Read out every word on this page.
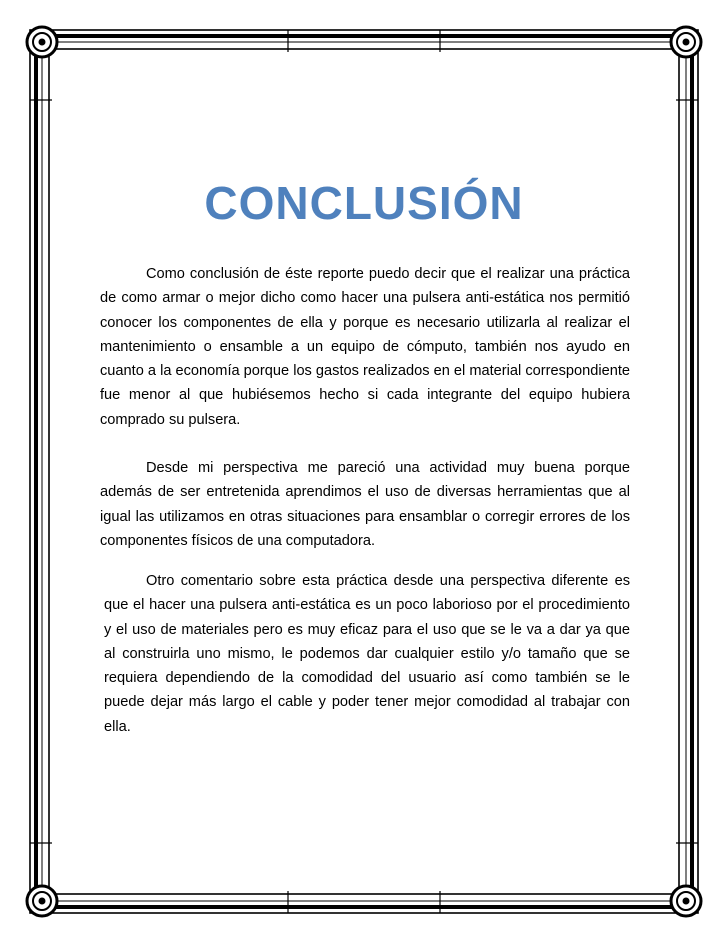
CONCLUSIÓN

Como conclusión de éste reporte puedo decir que el realizar una práctica de como armar o mejor dicho como hacer una pulsera anti-estática nos permitió conocer los componentes de ella y porque es necesario utilizarla al realizar el mantenimiento o ensamble a un equipo de cómputo, también nos ayudo en cuanto a la economía porque los gastos realizados en el material correspondiente fue menor al que hubiésemos hecho si cada integrante del equipo hubiera comprado su pulsera.

Desde mi perspectiva me pareció una actividad muy buena porque además de ser entretenida aprendimos el uso de diversas herramientas que al igual las utilizamos en otras situaciones para ensamblar o corregir errores de los componentes físicos de una computadora.

Otro comentario sobre esta práctica desde una perspectiva diferente es que el hacer una pulsera anti-estática es un poco laborioso por el procedimiento y el uso de materiales pero es muy eficaz para el uso que se le va a dar ya que al construirla uno mismo, le podemos dar cualquier estilo y/o tamaño que se requiera dependiendo de la comodidad del usuario así como también se le puede dejar más largo el cable y poder tener mejor comodidad al trabajar con ella.
